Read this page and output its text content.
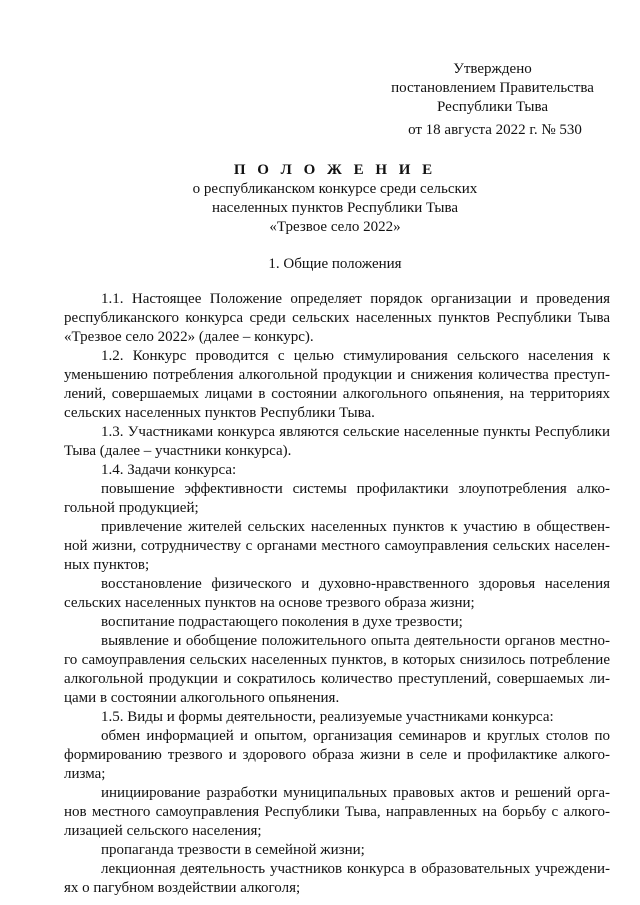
Утверждено
постановлением Правительства
Республики Тыва
от 18 августа 2022 г. № 530
П О Л О Ж Е Н И Е
о республиканском конкурсе среди сельских
населенных пунктов Республики Тыва
«Трезвое село 2022»
1. Общие положения

1.1. Настоящее Положение определяет порядок организации и проведения республиканского конкурса среди сельских населенных пунктов Республики Тыва «Трезвое село 2022» (далее – конкурс).

1.2. Конкурс проводится с целью стимулирования сельского населения к уменьшению потребления алкогольной продукции и снижения количества преступлений, совершаемых лицами в состоянии алкогольного опьянения, на территориях сельских населенных пунктов Республики Тыва.

1.3. Участниками конкурса являются сельские населенные пункты Республики Тыва (далее – участники конкурса).

1.4. Задачи конкурса:

повышение эффективности системы профилактики злоупотребления алкогольной продукцией;

привлечение жителей сельских населенных пунктов к участию в общественной жизни, сотрудничеству с органами местного самоуправления сельских населенных пунктов;

восстановление физического и духовно-нравственного здоровья населения сельских населенных пунктов на основе трезвого образа жизни;

воспитание подрастающего поколения в духе трезвости;

выявление и обобщение положительного опыта деятельности органов местного самоуправления сельских населенных пунктов, в которых снизилось потребление алкогольной продукции и сократилось количество преступлений, совершаемых лицами в состоянии алкогольного опьянения.

1.5. Виды и формы деятельности, реализуемые участниками конкурса:

обмен информацией и опытом, организация семинаров и круглых столов по формированию трезвого и здорового образа жизни в селе и профилактике алкоголизма;

инициирование разработки муниципальных правовых актов и решений органов местного самоуправления Республики Тыва, направленных на борьбу с алкоголизацией сельского населения;

пропаганда трезвости в семейной жизни;

лекционная деятельность участников конкурса в образовательных учреждениях о пагубном воздействии алкоголя;
